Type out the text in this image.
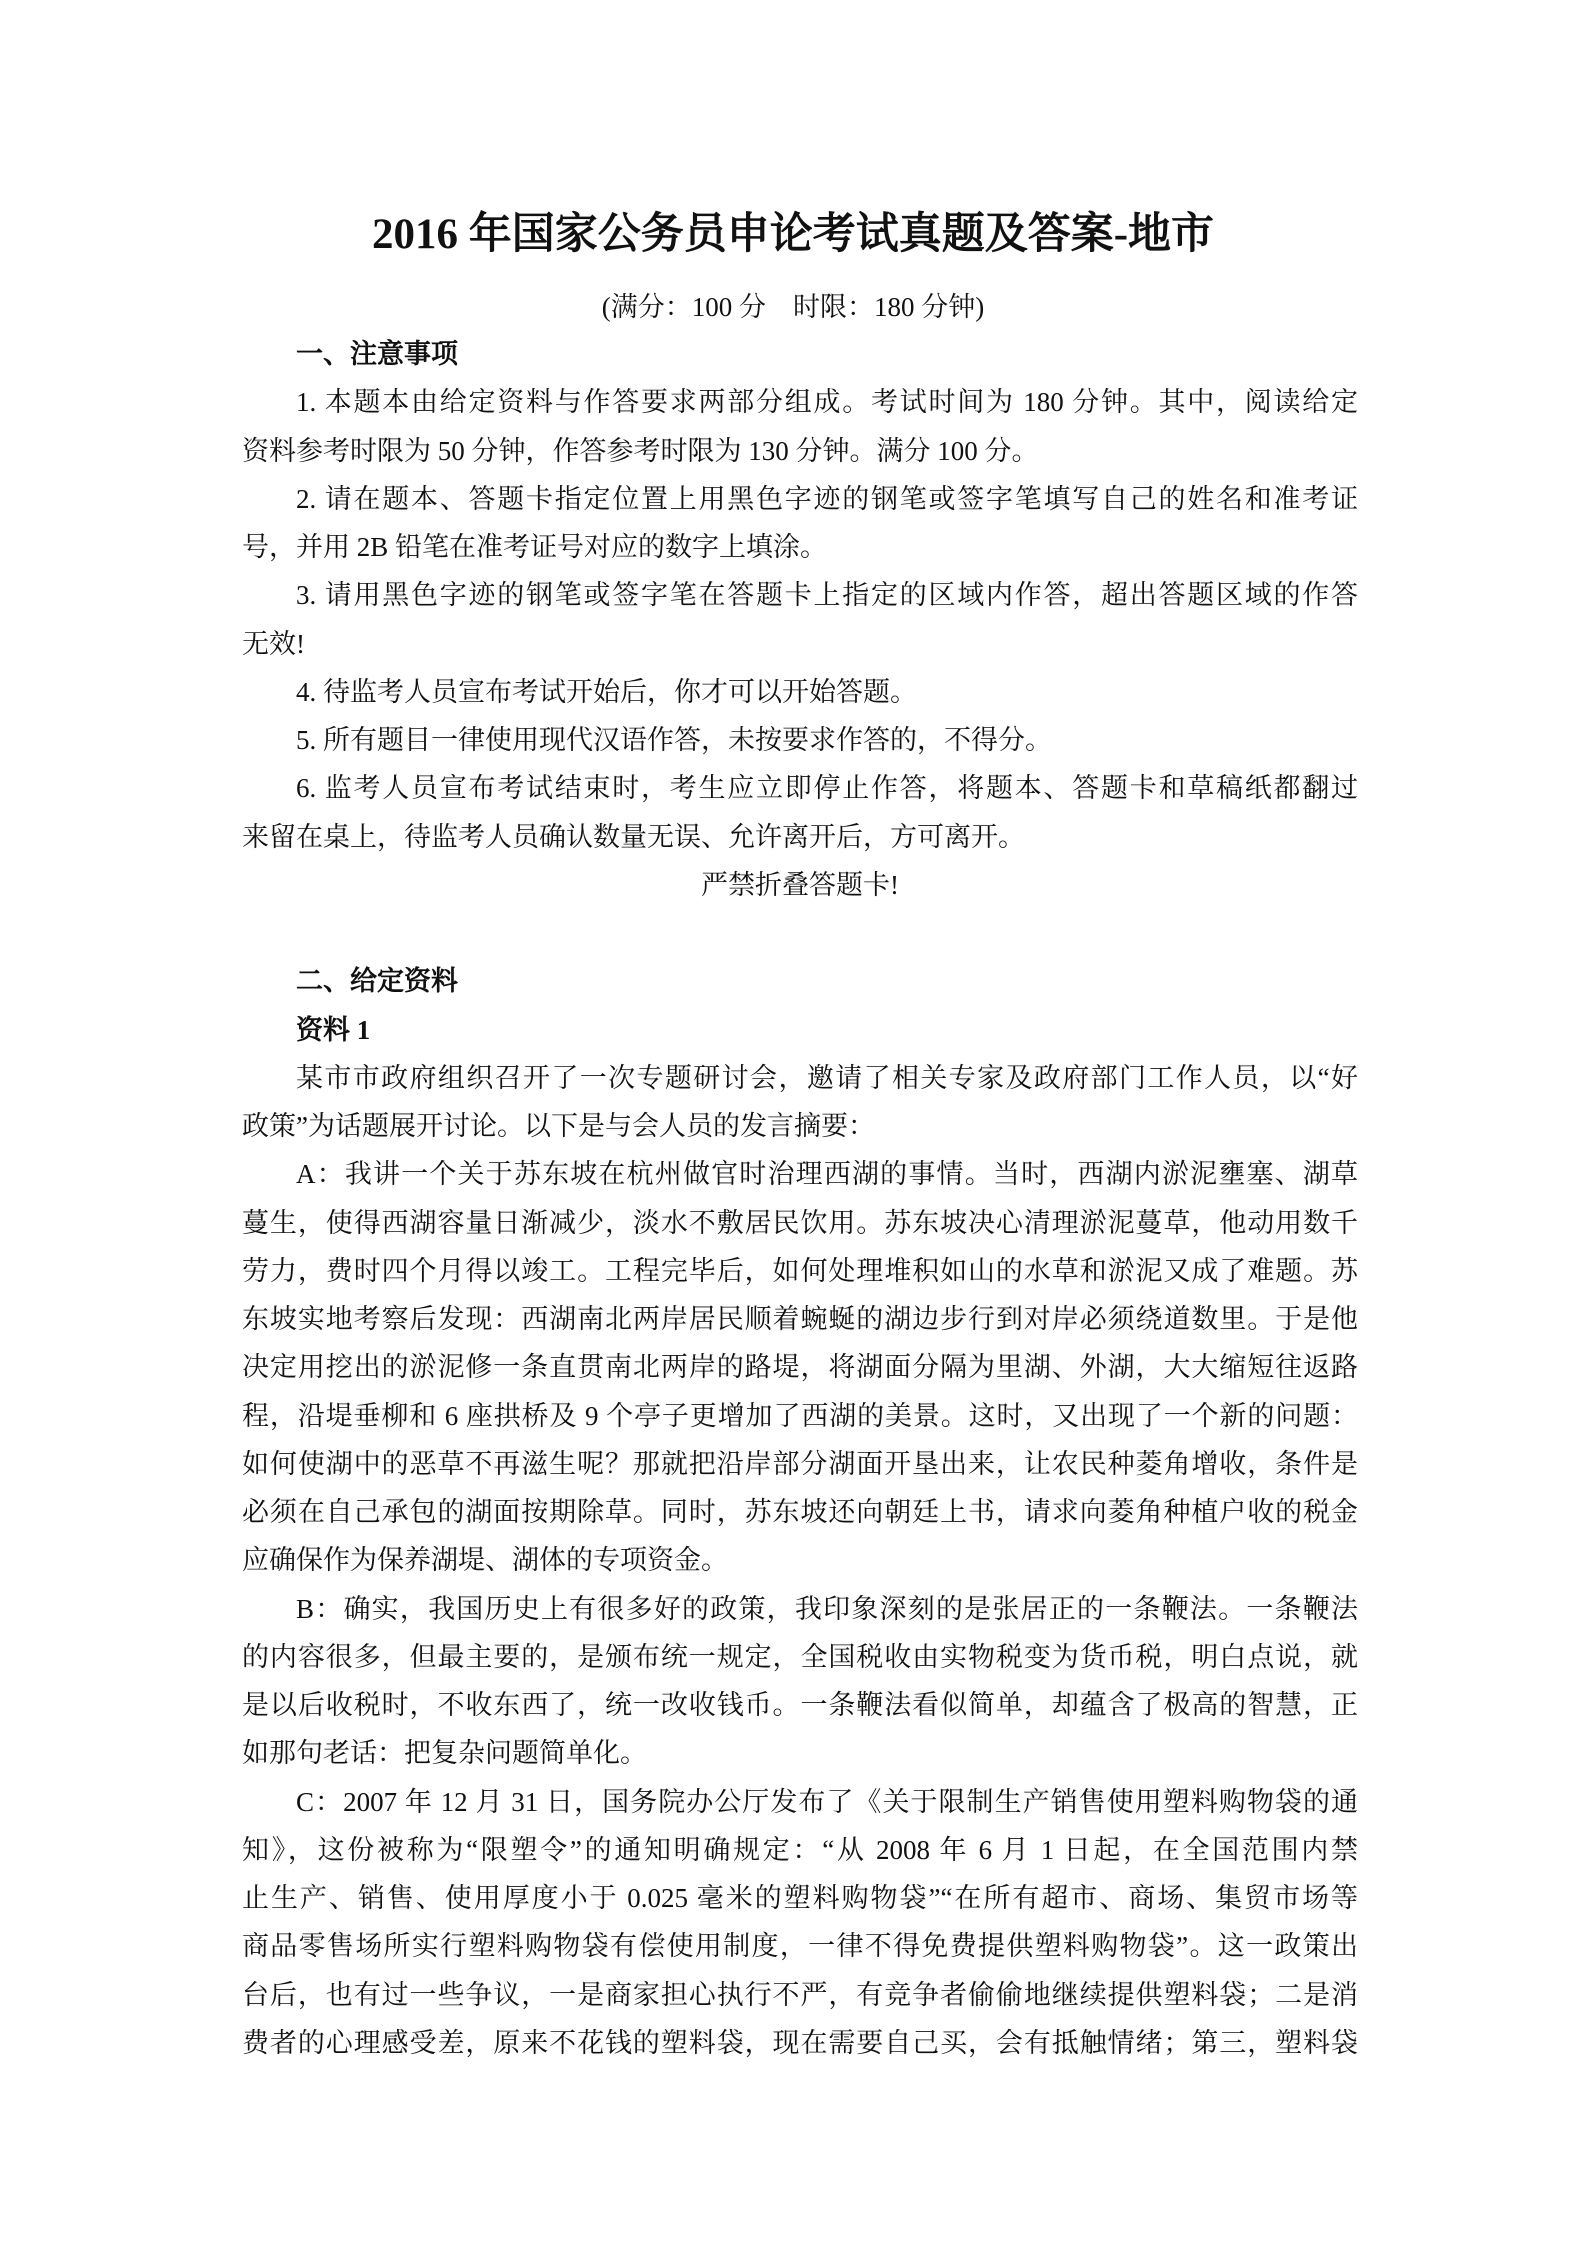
2016 年国家公务员申论考试真题及答案-地市
(满分：100 分　时限：180 分钟)
一、注意事项
1. 本题本由给定资料与作答要求两部分组成。考试时间为 180 分钟。其中，阅读给定
资料参考时限为 50 分钟，作答参考时限为 130 分钟。满分 100 分。
2. 请在题本、答题卡指定位置上用黑色字迹的钢笔或签字笔填写自己的姓名和准考证
号，并用 2B 铅笔在准考证号对应的数字上填涂。
3. 请用黑色字迹的钢笔或签字笔在答题卡上指定的区域内作答，超出答题区域的作答
无效!
4. 待监考人员宣布考试开始后，你才可以开始答题。
5. 所有题目一律使用现代汉语作答，未按要求作答的，不得分。
6. 监考人员宣布考试结束时，考生应立即停止作答，将题本、答题卡和草稿纸都翻过
来留在桌上，待监考人员确认数量无误、允许离开后，方可离开。
严禁折叠答题卡!
二、给定资料
资料 1
某市市政府组织召开了一次专题研讨会，邀请了相关专家及政府部门工作人员，以“好
政策”为话题展开讨论。以下是与会人员的发言摘要：
A：我讲一个关于苏东坡在杭州做官时治理西湖的事情。当时，西湖内淤泥壅塞、湖草
蔓生，使得西湖容量日渐减少，淡水不敷居民饮用。苏东坡决心清理淤泥蔓草，他动用数千
劳力，费时四个月得以竣工。工程完毕后，如何处理堆积如山的水草和淤泥又成了难题。苏
东坡实地考察后发现：西湖南北两岸居民顺着蜿蜒的湖边步行到对岸必须绕道数里。于是他
决定用挖出的淤泥修一条直贯南北两岸的路堤，将湖面分隔为里湖、外湖，大大缩短往返路
程，沿堤垂柳和 6 座拱桥及 9 个亭子更增加了西湖的美景。这时，又出现了一个新的问题：
如何使湖中的恶草不再滋生呢？那就把沿岸部分湖面开垦出来，让农民种菱角增收，条件是
必须在自己承包的湖面按期除草。同时，苏东坡还向朝廷上书，请求向菱角种植户收的税金
应确保作为保养湖堤、湖体的专项资金。
B：确实，我国历史上有很多好的政策，我印象深刻的是张居正的一条鞭法。一条鞭法
的内容很多，但最主要的，是颁布统一规定，全国税收由实物税变为货币税，明白点说，就
是以后收税时，不收东西了，统一改收钱币。一条鞭法看似简单，却蕴含了极高的智慧，正
如那句老话：把复杂问题简单化。
C：2007 年 12 月 31 日，国务院办公厅发布了《关于限制生产销售使用塑料购物袋的通
知》，这份被称为“限塑令”的通知明确规定：“从 2008 年 6 月 1 日起，在全国范围内禁
止生产、销售、使用厚度小于 0.025 毫米的塑料购物袋”“在所有超市、商场、集贸市场等
商品零售场所实行塑料购物袋有偿使用制度，一律不得免费提供塑料购物袋”。这一政策出
台后，也有过一些争议，一是商家担心执行不严，有竞争者偷偷地继续提供塑料袋；二是消
费者的心理感受差，原来不花钱的塑料袋，现在需要自己买，会有抵触情绪；第三，塑料袋
